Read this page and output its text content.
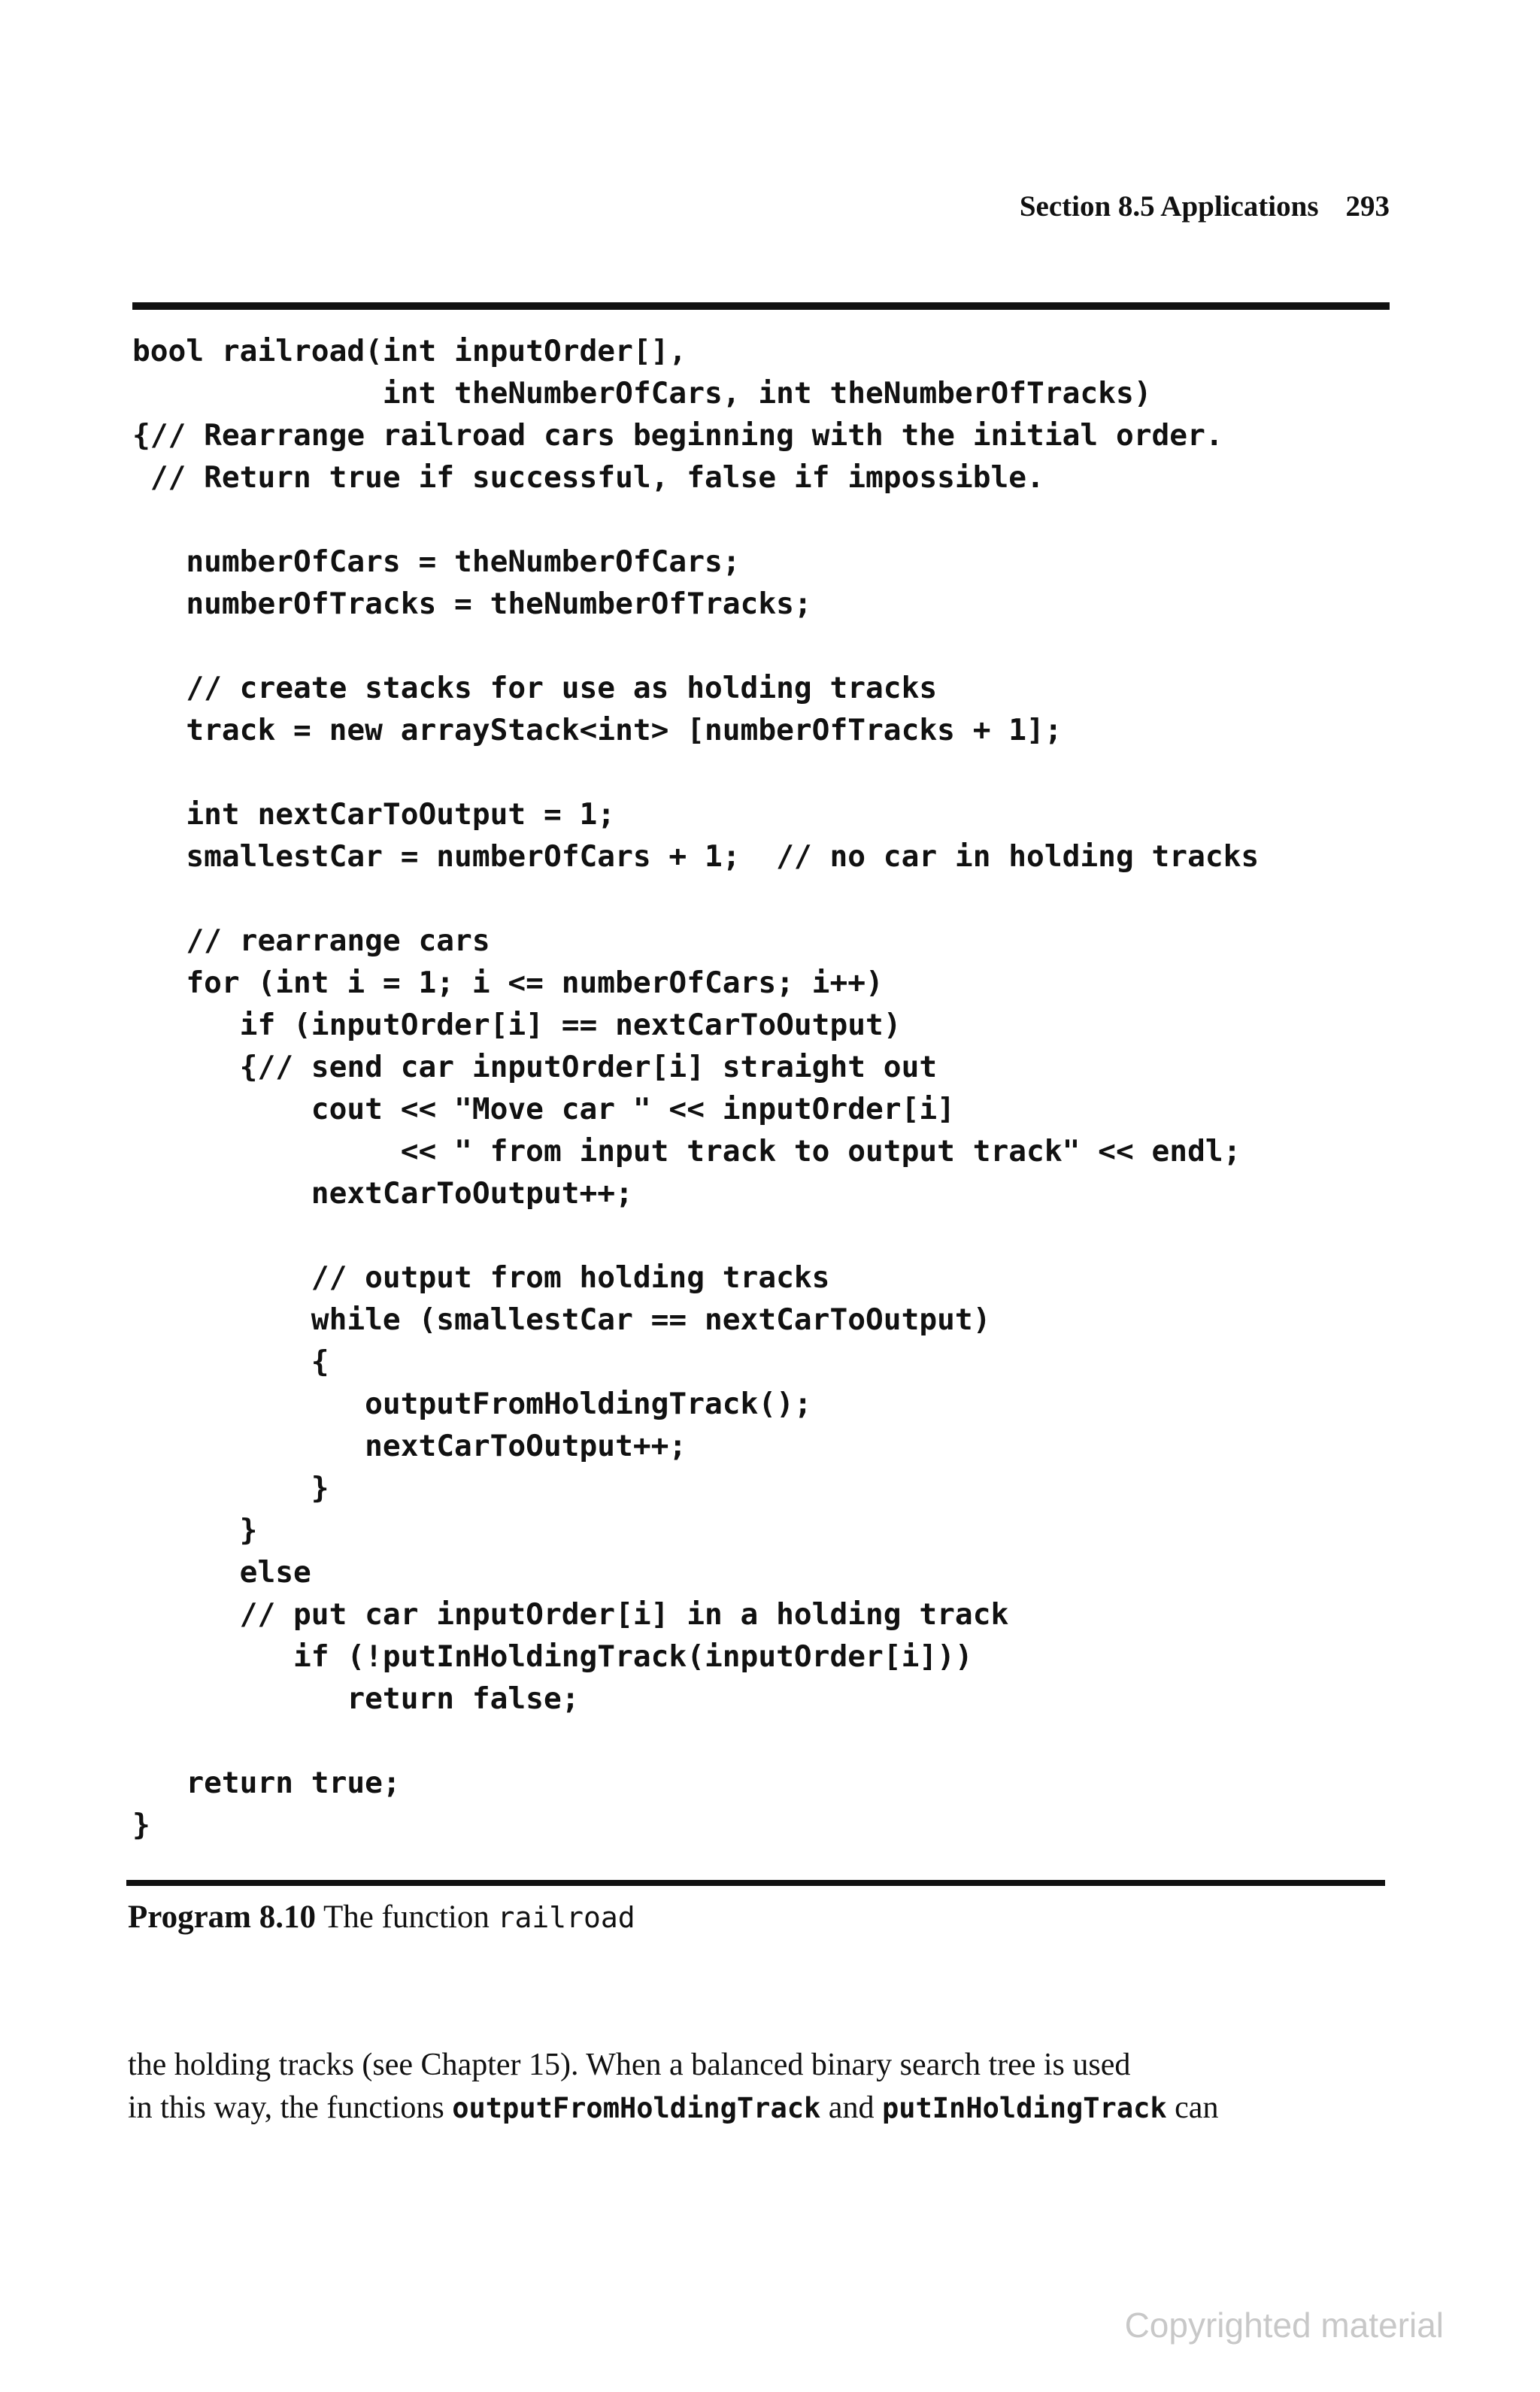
Section 8.5 Applications 293
bool railroad(int inputOrder[],
int theNumberOfCars, int theNumberOfTracks)
{// Rearrange railroad cars beginning with the initial order.
// Return true if successful, false if impossible.
numberOfCars = theNumberOfCars;
numberOfTracks = theNumberOfTracks;
// create stacks for use as holding tracks
track = new arrayStack<int> [numberOfTracks + 1];
int nextCarToOutput = 1;
smallestCar = numberOfCars + 1;  // no car in holding tracks
// rearrange cars
for (int i = 1; i <= numberOfCars; i++)
if (inputOrder[i] == nextCarToOutput)
{// send car inputOrder[i] straight out
cout << "Move car " << inputOrder[i]
<< " from input track to output track" << endl;
nextCarToOutput++;
// output from holding tracks
while (smallestCar == nextCarToOutput)
{
outputFromHoldingTrack();
nextCarToOutput++;
}
}
else
// put car inputOrder[i] in a holding track
if (!putInHoldingTrack(inputOrder[i]))
return false;
return true;
}
Program 8.10 The function railroad
the holding tracks (see Chapter 15). When a balanced binary search tree is used
in this way, the functions outputFromHoldingTrack and putInHoldingTrack can
Copyrighted material
